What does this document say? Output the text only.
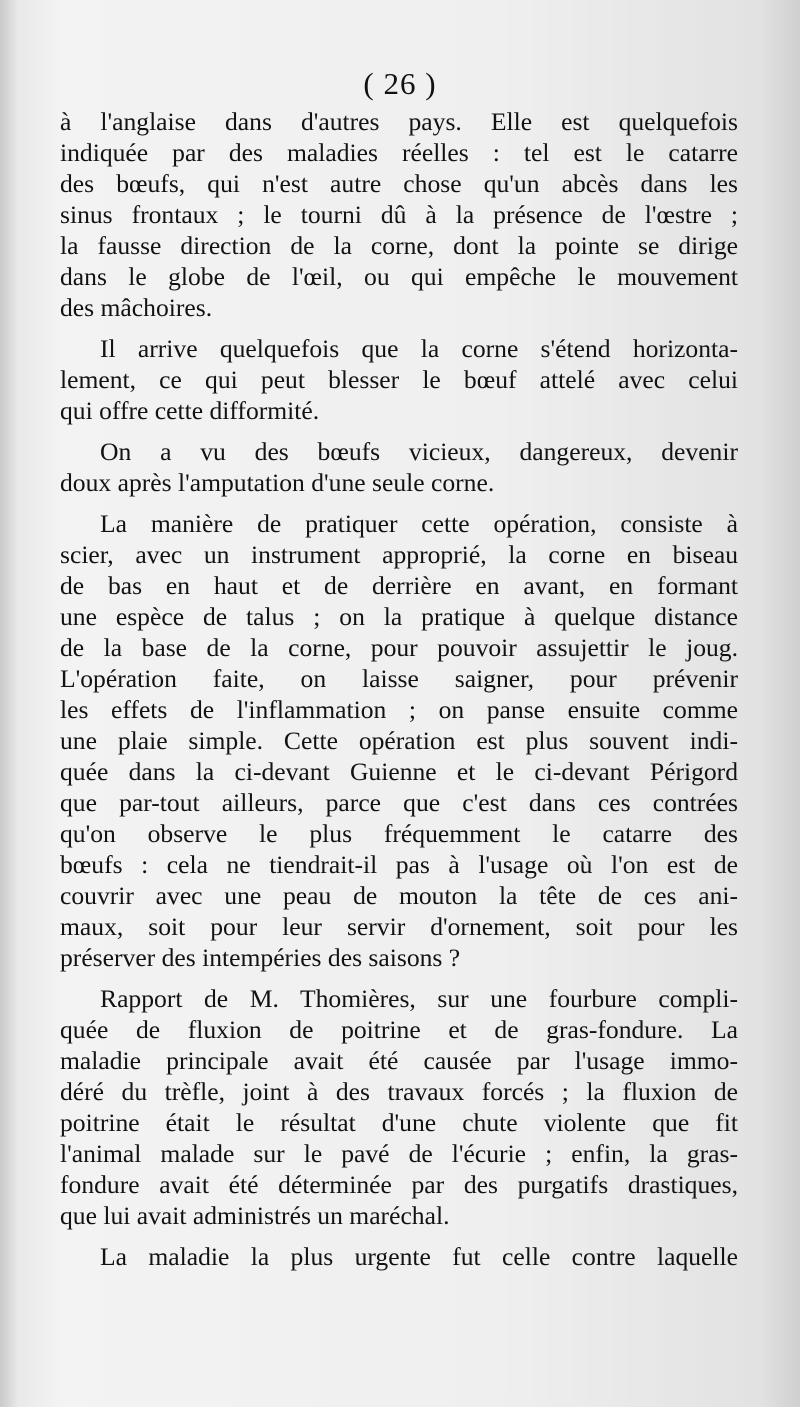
( 26 )
à l'anglaise dans d'autres pays. Elle est quelquefois
indiquée par des maladies réelles : tel est le catarre
des bœufs, qui n'est autre chose qu'un abcès dans les
sinus frontaux ; le tourni dû à la présence de l'œstre ;
la fausse direction de la corne, dont la pointe se dirige
dans le globe de l'œil, ou qui empêche le mouvement
des mâchoires.
Il arrive quelquefois que la corne s'étend horizonta-
lement, ce qui peut blesser le bœuf attelé avec celui
qui offre cette difformité.
On a vu des bœufs vicieux, dangereux, devenir
doux après l'amputation d'une seule corne.
La manière de pratiquer cette opération, consiste à
scier, avec un instrument approprié, la corne en biseau
de bas en haut et de derrière en avant, en formant
une espèce de talus ; on la pratique à quelque distance
de la base de la corne, pour pouvoir assujettir le joug.
L'opération faite, on laisse saigner, pour prévenir
les effets de l'inflammation ; on panse ensuite comme
une plaie simple. Cette opération est plus souvent indi-
quée dans la ci-devant Guienne et le ci-devant Périgord
que par-tout ailleurs, parce que c'est dans ces contrées
qu'on observe le plus fréquemment le catarre des
bœufs : cela ne tiendrait-il pas à l'usage où l'on est de
couvrir avec une peau de mouton la tête de ces ani-
maux, soit pour leur servir d'ornement, soit pour les
préserver des intempéries des saisons ?
Rapport de M. Thomières, sur une fourbure compli-
quée de fluxion de poitrine et de gras-fondure. La
maladie principale avait été causée par l'usage immo-
déré du trèfle, joint à des travaux forcés ; la fluxion de
poitrine était le résultat d'une chute violente que fit
l'animal malade sur le pavé de l'écurie ; enfin, la gras-
fondure avait été déterminée par des purgatifs drastiques,
que lui avait administrés un maréchal.
La maladie la plus urgente fut celle contre laquelle
